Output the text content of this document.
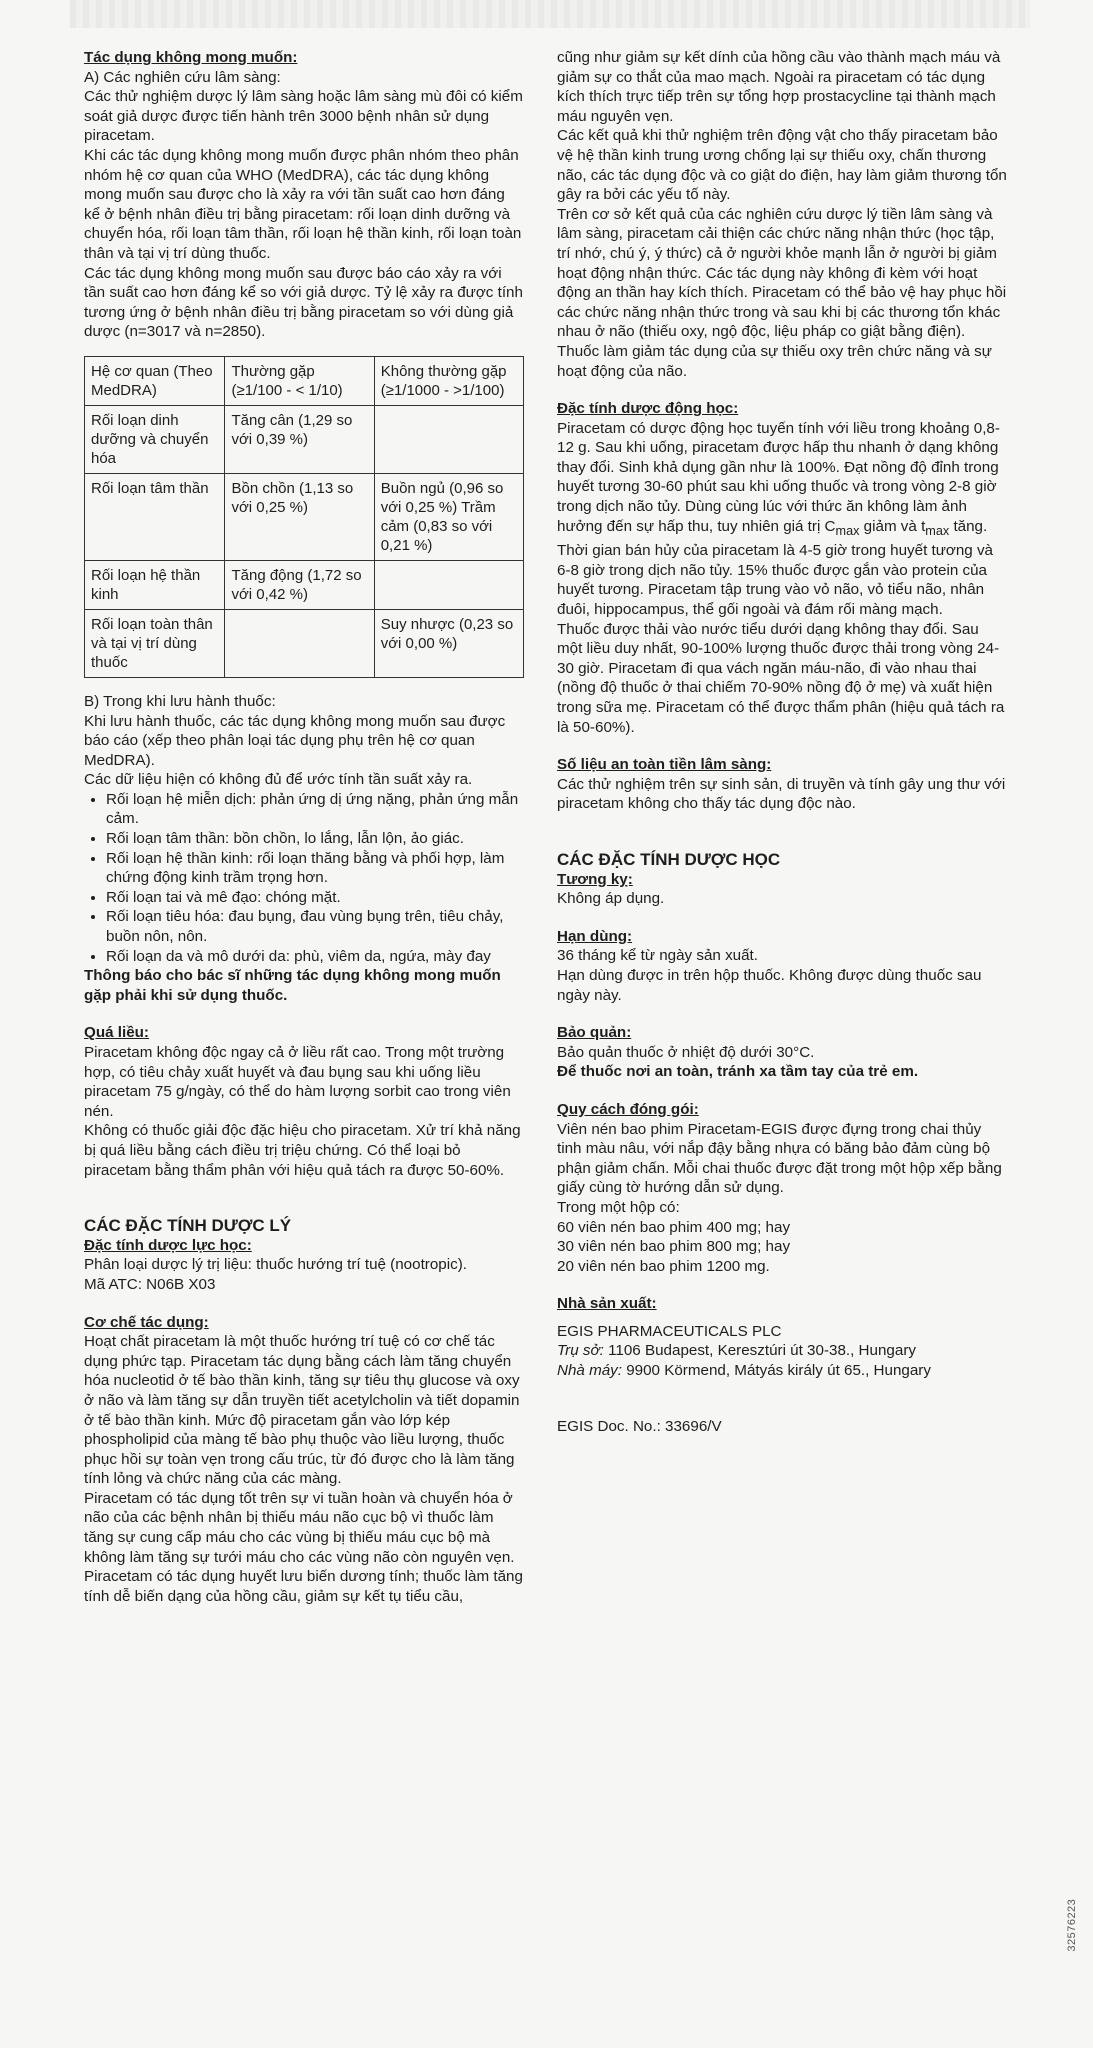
Tác dụng không mong muốn:

A) Các nghiên cứu lâm sàng:

Các thử nghiệm dược lý lâm sàng hoặc lâm sàng mù đôi có kiểm soát giả dược được tiến hành trên 3000 bệnh nhân sử dụng piracetam.

Khi các tác dụng không mong muốn được phân nhóm theo phân nhóm hệ cơ quan của WHO (MedDRA), các tác dụng không mong muốn sau được cho là xảy ra với tần suất cao hơn đáng kể ở bệnh nhân điều trị bằng piracetam: rối loạn dinh dưỡng và chuyển hóa, rối loạn tâm thần, rối loạn hệ thần kinh, rối loạn toàn thân và tại vị trí dùng thuốc.

Các tác dụng không mong muốn sau được báo cáo xảy ra với tần suất cao hơn đáng kể so với giả dược. Tỷ lệ xảy ra được tính tương ứng ở bệnh nhân điều trị bằng piracetam so với dùng giả dược (n=3017 và n=2850).

Hệ cơ quan (Theo MedDRA)	Thường gặp (≥1/100 - < 1/10)	Không thường gặp (≥1/1000 - >1/100)
Rối loạn dinh dưỡng và chuyển hóa	Tăng cân (1,29 so với 0,39 %)	
Rối loạn tâm thần	Bồn chồn (1,13 so với 0,25 %)	Buồn ngủ (0,96 so với 0,25 %) Trầm cảm (0,83 so với 0,21 %)
Rối loạn hệ thần kinh	Tăng động (1,72 so với 0,42 %)	
Rối loạn toàn thân và tại vị trí dùng thuốc		Suy nhược (0,23 so với 0,00 %)

B) Trong khi lưu hành thuốc:

Khi lưu hành thuốc, các tác dụng không mong muốn sau được báo cáo (xếp theo phân loại tác dụng phụ trên hệ cơ quan MedDRA).

Các dữ liệu hiện có không đủ để ước tính tần suất xảy ra.

• Rối loạn hệ miễn dịch: phản ứng dị ứng nặng, phản ứng mẫn cảm.
• Rối loạn tâm thần: bồn chồn, lo lắng, lẫn lộn, ảo giác.
• Rối loạn hệ thần kinh: rối loạn thăng bằng và phối hợp, làm chứng động kinh trầm trọng hơn.
• Rối loạn tai và mê đạo: chóng mặt.
• Rối loạn tiêu hóa: đau bụng, đau vùng bụng trên, tiêu chảy, buồn nôn, nôn.
• Rối loạn da và mô dưới da: phù, viêm da, ngứa, mày đay

Thông báo cho bác sĩ những tác dụng không mong muốn gặp phải khi sử dụng thuốc.

Quá liều:

Piracetam không độc ngay cả ở liều rất cao. Trong một trường hợp, có tiêu chảy xuất huyết và đau bụng sau khi uống liều piracetam 75 g/ngày, có thể do hàm lượng sorbit cao trong viên nén.

Không có thuốc giải độc đặc hiệu cho piracetam. Xử trí khả năng bị quá liều bằng cách điều trị triệu chứng. Có thể loại bỏ piracetam bằng thẩm phân với hiệu quả tách ra được 50-60%.

CÁC ĐẶC TÍNH DƯỢC LÝ

Đặc tính dược lực học:

Phân loại dược lý trị liệu: thuốc hướng trí tuệ (nootropic).

Mã ATC: N06B X03

Cơ chế tác dụng:

Hoạt chất piracetam là một thuốc hướng trí tuệ có cơ chế tác dụng phức tạp. Piracetam tác dụng bằng cách làm tăng chuyển hóa nucleotid ở tế bào thần kinh, tăng sự tiêu thụ glucose và oxy ở não và làm tăng sự dẫn truyền tiết acetylcholin và tiết dopamin ở tế bào thần kinh. Mức độ piracetam gắn vào lớp kép phospholipid của màng tế bào phụ thuộc vào liều lượng, thuốc phục hồi sự toàn vẹn trong cấu trúc, từ đó được cho là làm tăng tính lỏng và chức năng của các màng.

Piracetam có tác dụng tốt trên sự vi tuần hoàn và chuyển hóa ở não của các bệnh nhân bị thiếu máu não cục bộ vì thuốc làm tăng sự cung cấp máu cho các vùng bị thiếu máu cục bộ mà không làm tăng sự tưới máu cho các vùng não còn nguyên vẹn. Piracetam có tác dụng huyết lưu biến dương tính; thuốc làm tăng tính dễ biến dạng của hồng cầu, giảm sự kết tụ tiểu cầu,

cũng như giảm sự kết dính của hồng cầu vào thành mạch máu và giảm sự co thắt của mao mạch. Ngoài ra piracetam có tác dụng kích thích trực tiếp trên sự tổng hợp prostacycline tại thành mạch máu nguyên vẹn.

Các kết quả khi thử nghiệm trên động vật cho thấy piracetam bảo vệ hệ thần kinh trung ương chống lại sự thiếu oxy, chấn thương não, các tác dụng độc và co giật do điện, hay làm giảm thương tổn gây ra bởi các yếu tố này.

Trên cơ sở kết quả của các nghiên cứu dược lý tiền lâm sàng và lâm sàng, piracetam cải thiện các chức năng nhận thức (học tập, trí nhớ, chú ý, ý thức) cả ở người khỏe mạnh lẫn ở người bị giảm hoạt động nhận thức. Các tác dụng này không đi kèm với hoạt động an thần hay kích thích. Piracetam có thể bảo vệ hay phục hồi các chức năng nhận thức trong và sau khi bị các thương tổn khác nhau ở não (thiếu oxy, ngộ độc, liệu pháp co giật bằng điện). Thuốc làm giảm tác dụng của sự thiếu oxy trên chức năng và sự hoạt động của não.

Đặc tính dược động học:

Piracetam có dược động học tuyến tính với liều trong khoảng 0,8-12 g. Sau khi uống, piracetam được hấp thu nhanh ở dạng không thay đổi. Sinh khả dụng gần như là 100%. Đạt nồng độ đỉnh trong huyết tương 30-60 phút sau khi uống thuốc và trong vòng 2-8 giờ trong dịch não tủy. Dùng cùng lúc với thức ăn không làm ảnh hưởng đến sự hấp thu, tuy nhiên giá trị $C_{max}$ giảm và $t_{max}$ tăng. Thời gian bán hủy của piracetam là 4-5 giờ trong huyết tương và 6-8 giờ trong dịch não tủy. 15% thuốc được gắn vào protein của huyết tương. Piracetam tập trung vào vỏ não, vỏ tiểu não, nhân đuôi, hippocampus, thể gối ngoài và đám rối màng mạch.

Thuốc được thải vào nước tiểu dưới dạng không thay đổi. Sau một liều duy nhất, 90-100% lượng thuốc được thải trong vòng 24-30 giờ. Piracetam đi qua vách ngăn máu-não, đi vào nhau thai (nồng độ thuốc ở thai chiếm 70-90% nồng độ ở mẹ) và xuất hiện trong sữa mẹ. Piracetam có thể được thẩm phân (hiệu quả tách ra là 50-60%).

Số liệu an toàn tiền lâm sàng:

Các thử nghiệm trên sự sinh sản, di truyền và tính gây ung thư với piracetam không cho thấy tác dụng độc nào.

CÁC ĐẶC TÍNH DƯỢC HỌC

Tương kỵ:

Không áp dụng.

Hạn dùng:

36 tháng kể từ ngày sản xuất.

Hạn dùng được in trên hộp thuốc. Không được dùng thuốc sau ngày này.

Bảo quản:

Bảo quản thuốc ở nhiệt độ dưới 30°C.

Để thuốc nơi an toàn, tránh xa tầm tay của trẻ em.

Quy cách đóng gói:

Viên nén bao phim Piracetam-EGIS được đựng trong chai thủy tinh màu nâu, với nắp đậy bằng nhựa có băng bảo đảm cùng bộ phận giảm chấn. Mỗi chai thuốc được đặt trong một hộp xếp bằng giấy cùng tờ hướng dẫn sử dụng.

Trong một hộp có:

60 viên nén bao phim 400 mg; hay

30 viên nén bao phim 800 mg; hay

20 viên nén bao phim 1200 mg.

Nhà sản xuất:

EGIS PHARMACEUTICALS PLC

Trụ sở: 1106 Budapest, Keresztúri út 30-38., Hungary

Nhà máy: 9900 Körmend, Mátyás király út 65., Hungary

EGIS Doc. No.: 33696/V

32576223
